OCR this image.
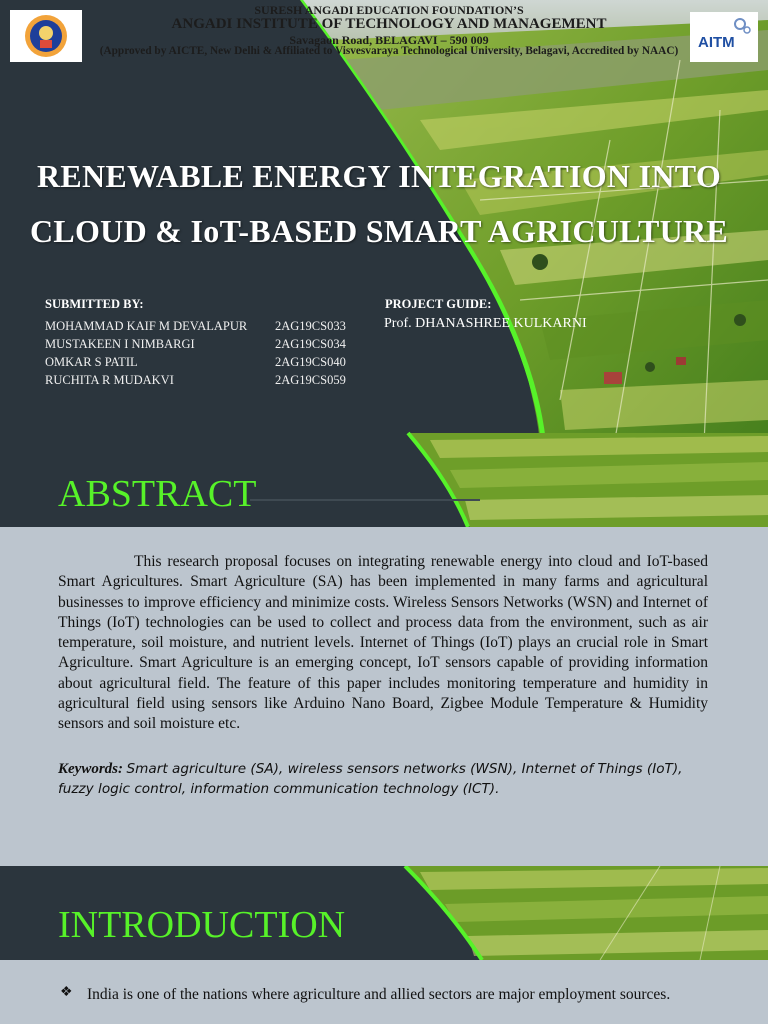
AITM
SURESH ANGADI EDUCATION FOUNDATION’S
ANGADI INSTITUTE OF TECHNOLOGY AND MANAGEMENT
Savagaon Road, BELAGAVI – 590 009
(Approved by AICTE, New Delhi & Affiliated to Visvesvaraya Technological University, Belagavi, Accredited by NAAC)
RENEWABLE ENERGY INTEGRATION INTO
CLOUD & IoT-BASED SMART AGRICULTURE
SUBMITTED BY:
MOHAMMAD KAIF M DEVALAPUR 2AG19CS033
MUSTAKEEN I NIMBARGI	2AG19CS034
OMKAR S PATIL	2AG19CS040
RUCHITA R MUDAKVI	2AG19CS059
PROJECT GUIDE:
Prof. DHANASHREE KULKARNI
ABSTRACT

This research proposal focuses on integrating renewable energy into cloud and IoT-based Smart Agricultures. Smart Agriculture (SA) has been implemented in many farms and agricultural businesses to improve efficiency and minimize costs. Wireless Sensors Networks (WSN) and Internet of Things (IoT) technologies can be used to collect and process data from the environment, such as air temperature, soil moisture, and nutrient levels. Internet of Things (IoT) plays an crucial role in Smart Agriculture. Smart Agriculture is an emerging concept, IoT sensors capable of providing information about agricultural field. The feature of this paper includes monitoring temperature and humidity in agricultural field using sensors like Arduino Nano Board, Zigbee Module Temperature & Humidity sensors and soil moisture etc.

Keywords: Smart agriculture (SA), wireless sensors networks (WSN), Internet of Things (IoT), fuzzy logic control, information communication technology (ICT).

INTRODUCTION
❖ India is one of the nations where agriculture and allied sectors are major employment sources.
